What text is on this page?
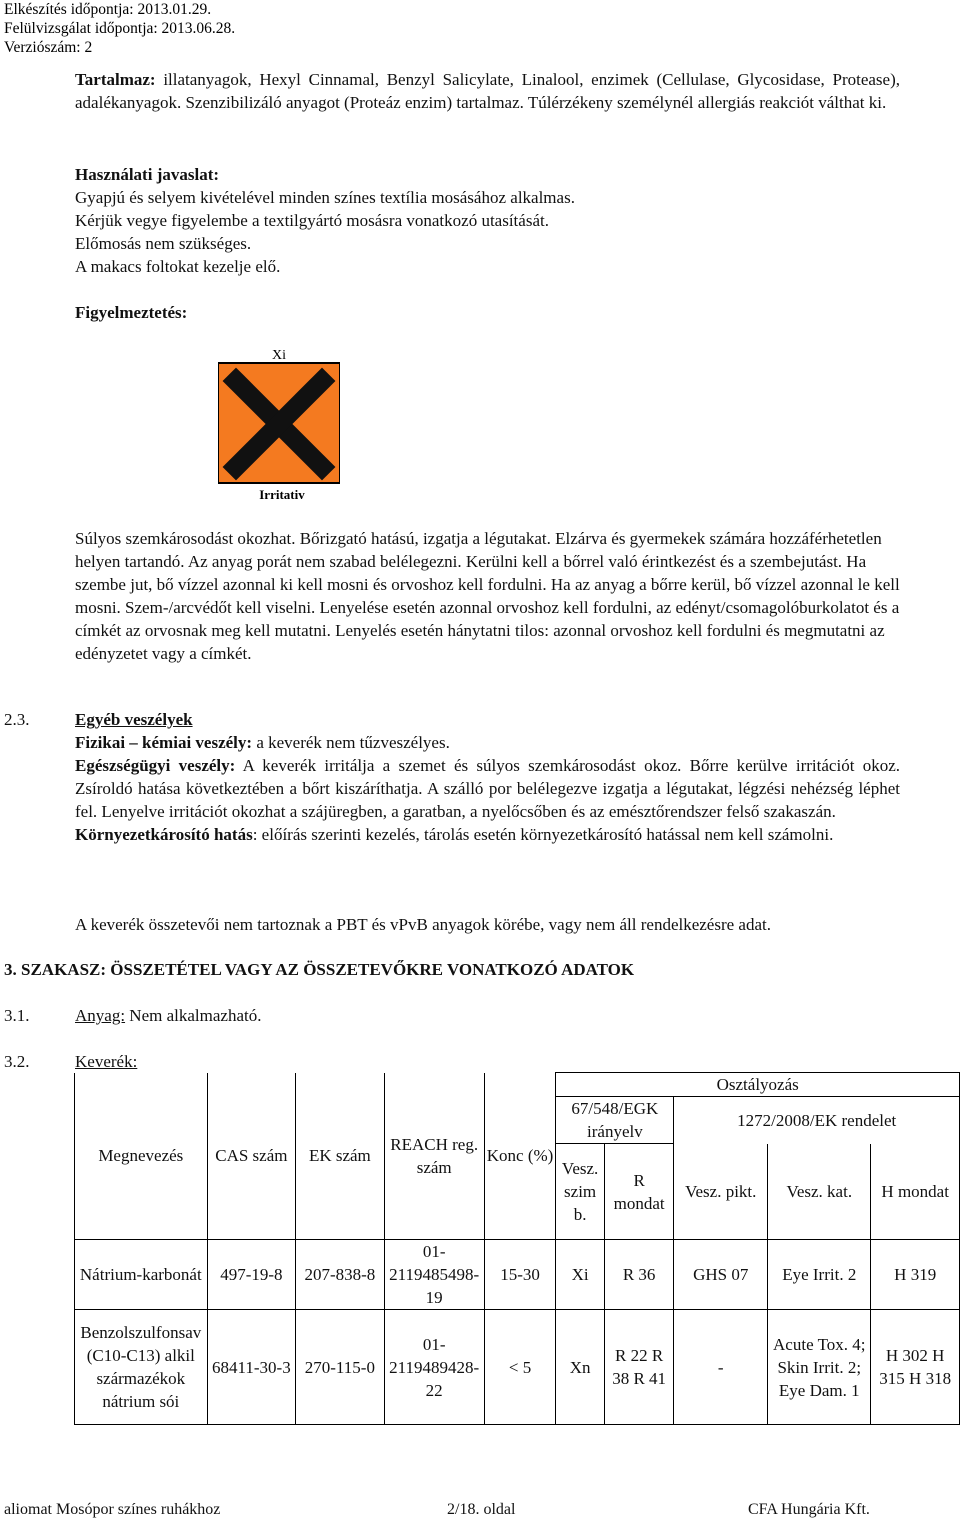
Elkészítés időpontja: 2013.01.29.
Felülvizsgálat időpontja: 2013.06.28.
Verziószám: 2
Tartalmaz: illatanyagok, Hexyl Cinnamal, Benzyl Salicylate, Linalool, enzimek (Cellulase, Glycosidase, Protease), adalékanyagok. Szenzibilizáló anyagot (Proteáz enzim) tartalmaz. Túlérzékeny személynél allergiás reakciót válthat ki.
Használati javaslat:
Gyapjú és selyem kivételével minden színes textília mosásához alkalmas.
Kérjük vegye figyelembe a textilgyártó mosásra vonatkozó utasítását.
Előmosás nem szükséges.
A makacs foltokat kezelje elő.
Figyelmeztetés:
Xi
Irritativ
Súlyos szemkárosodást okozhat. Bőrizgató hatású, izgatja a légutakat. Elzárva és gyermekek számára hozzáférhetetlen helyen tartandó. Az anyag porát nem szabad belélegezni. Kerülni kell a bőrrel való érintkezést és a szembejutást. Ha szembe jut, bő vízzel azonnal ki kell mosni és orvoshoz kell fordulni. Ha az anyag a bőrre kerül, bő vízzel azonnal le kell mosni. Szem-/arcvédőt kell viselni. Lenyelése esetén azonnal orvoshoz kell fordulni, az edényt/csomagolóburkolatot és a címkét az orvosnak meg kell mutatni. Lenyelés esetén hánytatni tilos: azonnal orvoshoz kell fordulni és megmutatni az edényzetet vagy a címkét.
2.3.	Egyéb veszélyek
Fizikai – kémiai veszély: a keverék nem tűzveszélyes.
Egészségügyi veszély: A keverék irritálja a szemet és súlyos szemkárosodást okoz. Bőrre kerülve irritációt okoz. Zsíroldó hatása következtében a bőrt kiszáríthatja. A szálló por belélegezve izgatja a légutakat, légzési nehézség léphet fel. Lenyelve irritációt okozhat a szájüregben, a garatban, a nyelőcsőben és az emésztőrendszer felső szakaszán.
Környezetkárosító hatás: előírás szerinti kezelés, tárolás esetén környezetkárosító hatással nem kell számolni.
A keverék összetevői nem tartoznak a PBT és vPvB anyagok körébe, vagy nem áll rendelkezésre adat.
3. SZAKASZ: ÖSSZETÉTEL VAGY AZ ÖSSZETEVŐKRE VONATKOZÓ ADATOK
3.1.	Anyag: Nem alkalmazható.
3.2.	Keverék:
Megnevezés	CAS szám	EK szám	REACH reg. szám	Konc (%)	Osztályozás				
					67/548/EGK irányelv		1272/2008/EK rendelet		
					Vesz. szim b.	R mondat	Vesz. pikt.	Vesz. kat.	H mondat
Nátrium-karbonát	497-19-8	207-838-8	01-2119485498-19	15-30	Xi	R 36	GHS 07	Eye Irrit. 2	H 319
Benzolszulfonsav (C10-C13) alkil származékok nátrium sói	68411-30-3	270-115-0	01-2119489428-22	< 5	Xn	R 22 R 38 R 41	-	Acute Tox. 4; Skin Irrit. 2; Eye Dam. 1	H 302 H 315 H 318
aliomat Mosópor színes ruhákhoz	2/18. oldal	CFA Hungária Kft.
